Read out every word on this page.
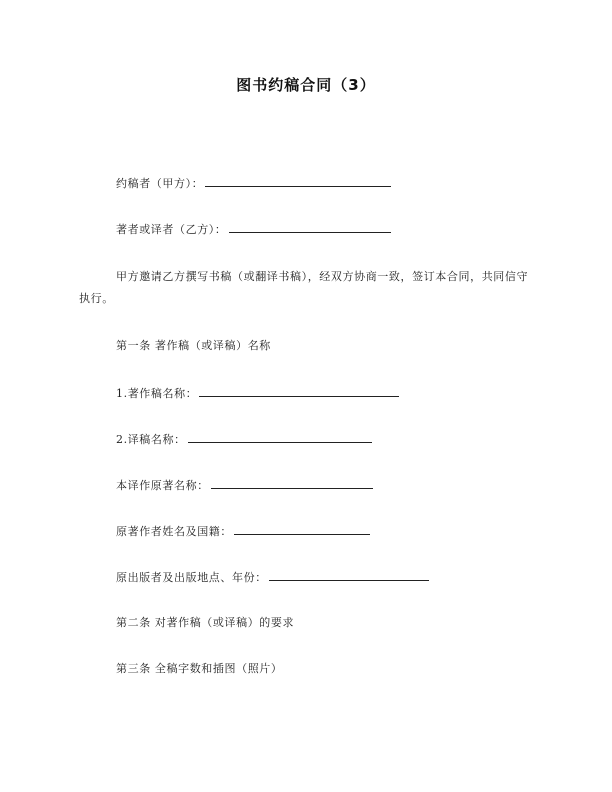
图书约稿合同（3）
约稿者（甲方）：
著者或译者（乙方）：
甲方邀请乙方撰写书稿（或翻译书稿），经双方协商一致，签订本合同，共同信守执行。
第一条 著作稿（或译稿）名称
1.著作稿名称：
2.译稿名称：
本译作原著名称：
原著作者姓名及国籍：
原出版者及出版地点、年份：
第二条 对著作稿（或译稿）的要求
第三条 全稿字数和插图（照片）
